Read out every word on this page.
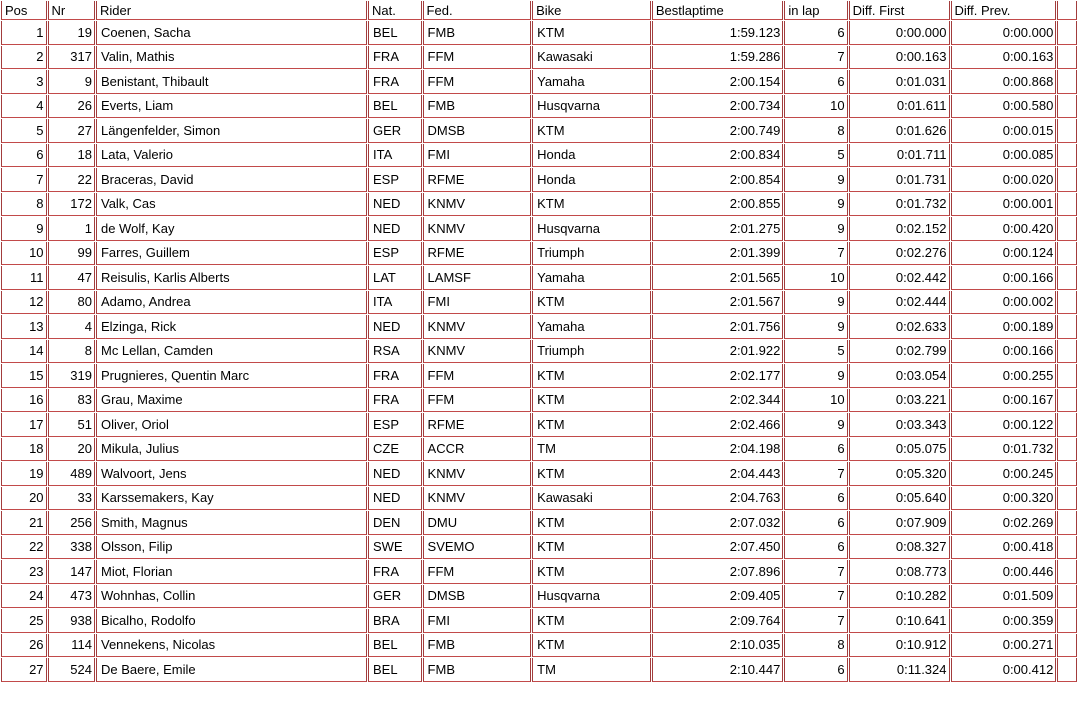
Pos	Nr	Rider	Nat.	Fed.	Bike	Bestlaptime	in lap	Diff. First	Diff. Prev.	
1	19	Coenen, Sacha	BEL	FMB	KTM	1:59.123	6	0:00.000	0:00.000	
2	317	Valin, Mathis	FRA	FFM	Kawasaki	1:59.286	7	0:00.163	0:00.163	
3	9	Benistant, Thibault	FRA	FFM	Yamaha	2:00.154	6	0:01.031	0:00.868	
4	26	Everts, Liam	BEL	FMB	Husqvarna	2:00.734	10	0:01.611	0:00.580	
5	27	Längenfelder, Simon	GER	DMSB	KTM	2:00.749	8	0:01.626	0:00.015	
6	18	Lata, Valerio	ITA	FMI	Honda	2:00.834	5	0:01.711	0:00.085	
7	22	Braceras, David	ESP	RFME	Honda	2:00.854	9	0:01.731	0:00.020	
8	172	Valk, Cas	NED	KNMV	KTM	2:00.855	9	0:01.732	0:00.001	
9	1	de Wolf, Kay	NED	KNMV	Husqvarna	2:01.275	9	0:02.152	0:00.420	
10	99	Farres, Guillem	ESP	RFME	Triumph	2:01.399	7	0:02.276	0:00.124	
11	47	Reisulis, Karlis Alberts	LAT	LAMSF	Yamaha	2:01.565	10	0:02.442	0:00.166	
12	80	Adamo, Andrea	ITA	FMI	KTM	2:01.567	9	0:02.444	0:00.002	
13	4	Elzinga, Rick	NED	KNMV	Yamaha	2:01.756	9	0:02.633	0:00.189	
14	8	Mc Lellan, Camden	RSA	KNMV	Triumph	2:01.922	5	0:02.799	0:00.166	
15	319	Prugnieres, Quentin Marc	FRA	FFM	KTM	2:02.177	9	0:03.054	0:00.255	
16	83	Grau, Maxime	FRA	FFM	KTM	2:02.344	10	0:03.221	0:00.167	
17	51	Oliver, Oriol	ESP	RFME	KTM	2:02.466	9	0:03.343	0:00.122	
18	20	Mikula, Julius	CZE	ACCR	TM	2:04.198	6	0:05.075	0:01.732	
19	489	Walvoort, Jens	NED	KNMV	KTM	2:04.443	7	0:05.320	0:00.245	
20	33	Karssemakers, Kay	NED	KNMV	Kawasaki	2:04.763	6	0:05.640	0:00.320	
21	256	Smith, Magnus	DEN	DMU	KTM	2:07.032	6	0:07.909	0:02.269	
22	338	Olsson, Filip	SWE	SVEMO	KTM	2:07.450	6	0:08.327	0:00.418	
23	147	Miot, Florian	FRA	FFM	KTM	2:07.896	7	0:08.773	0:00.446	
24	473	Wohnhas, Collin	GER	DMSB	Husqvarna	2:09.405	7	0:10.282	0:01.509	
25	938	Bicalho, Rodolfo	BRA	FMI	KTM	2:09.764	7	0:10.641	0:00.359	
26	114	Vennekens, Nicolas	BEL	FMB	KTM	2:10.035	8	0:10.912	0:00.271	
27	524	De Baere, Emile	BEL	FMB	TM	2:10.447	6	0:11.324	0:00.412	
